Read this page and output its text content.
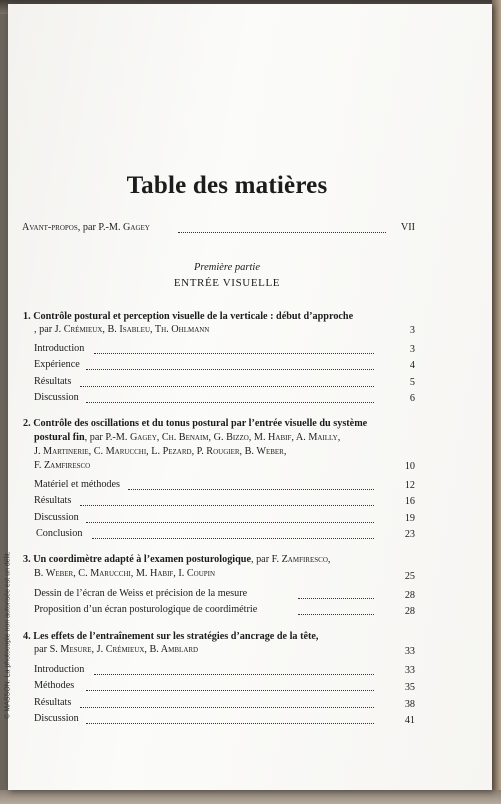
Table des matières
Avant-propos, par P.-M. Gagey	VII
Première partie
ENTRÉE VISUELLE
1. Contrôle postural et perception visuelle de la verticale : début d’approche
, par J. Crémieux, B. Isableu, Th. Ohlmann	3
Introduction	3
Expérience	4
Résultats	5
Discussion	6
2. Contrôle des oscillations et du tonus postural par l’entrée visuelle du système
postural fin, par P.-M. Gagey, Ch. Benaim, G. Bizzo, M. Habif, A. Mailly,
J. Martinerie, C. Marucchi, L. Pezard, P. Rougier, B. Weber,
F. Zamfiresco	10
Matériel et méthodes	12
Résultats	16
Discussion	19
Conclusion	23
3. Un coordimètre adapté à l’examen posturologique, par F. Zamfiresco,
B. Weber, C. Marucchi, M. Habif, I. Coupin	25
Dessin de l’écran de Weiss et précision de la mesure	28
Proposition d’un écran posturologique de coordimétrie	28
4. Les effets de l’entraînement sur les stratégies d’ancrage de la tête,
par S. Mesure, J. Crémieux, B. Amblard	33
Introduction	33
Méthodes	35
Résultats	38
Discussion	41
© MASSON. La photocopie non autorisée est un délit.
